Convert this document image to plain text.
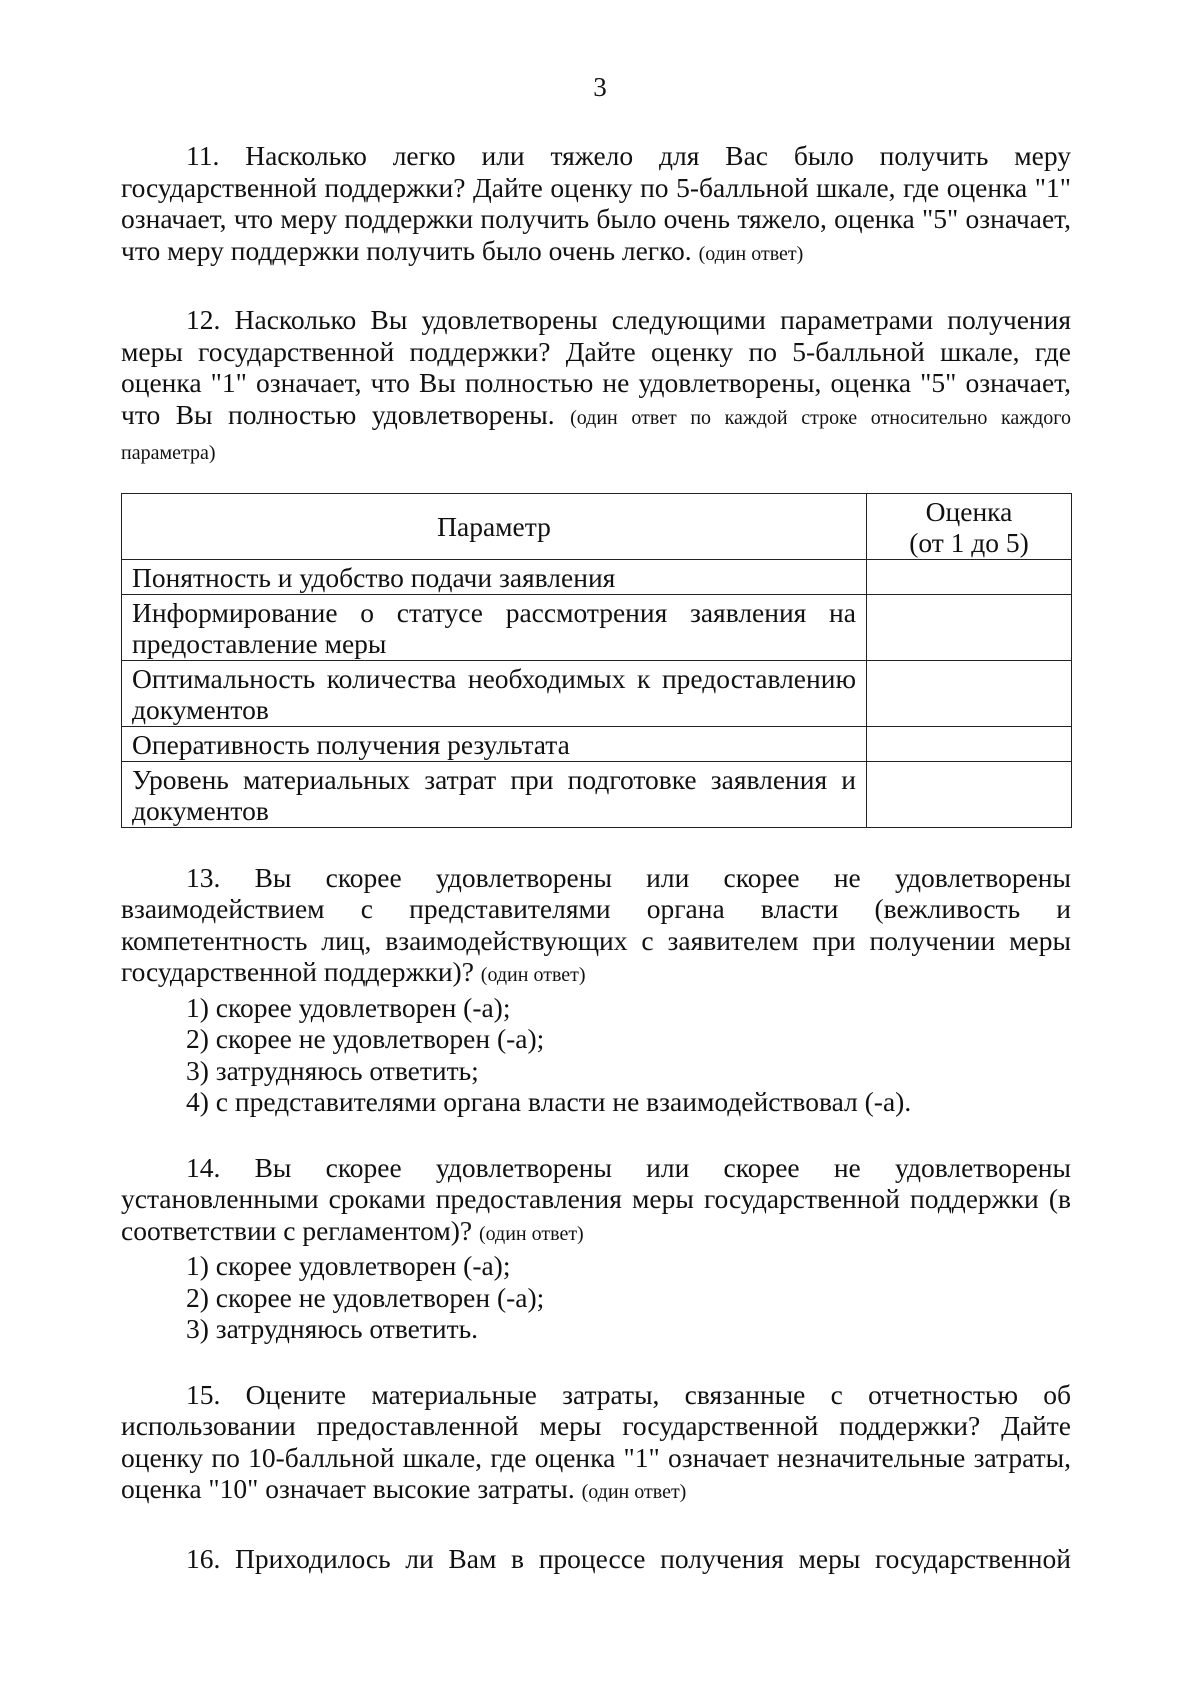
3

11. Насколько легко или тяжело для Вас было получить меру государственной поддержки? Дайте оценку по 5-балльной шкале, где оценка "1" означает, что меру поддержки получить было очень тяжело, оценка "5" означает, что меру поддержки получить было очень легко. (один ответ)

12. Насколько Вы удовлетворены следующими параметрами получения меры государственной поддержки? Дайте оценку по 5-балльной шкале, где оценка "1" означает, что Вы полностью не удовлетворены, оценка "5" означает, что Вы полностью удовлетворены. (один ответ по каждой строке относительно каждого параметра)

Параметр	Оценка
(от 1 до 5)

Понятность и удобство подачи заявления	
Информирование о статусе рассмотрения заявления на предоставление меры	
Оптимальность количества необходимых к предоставлению документов	
Оперативность получения результата	
Уровень материальных затрат при подготовке заявления и документов	

13. Вы скорее удовлетворены или скорее не удовлетворены взаимодействием с представителями органа власти (вежливость и компетентность лиц, взаимодействующих с заявителем при получении меры государственной поддержки)? (один ответ)

1) скорее удовлетворен (-а);
2) скорее не удовлетворен (-а);
3) затрудняюсь ответить;
4) с представителями органа власти не взаимодействовал (-а).

14. Вы скорее удовлетворены или скорее не удовлетворены установленными сроками предоставления меры государственной поддержки (в соответствии с регламентом)? (один ответ)

1) скорее удовлетворен (-а);
2) скорее не удовлетворен (-а);
3) затрудняюсь ответить.

15. Оцените материальные затраты, связанные с отчетностью об использовании предоставленной меры государственной поддержки? Дайте оценку по 10-балльной шкале, где оценка "1" означает незначительные затраты, оценка "10" означает высокие затраты. (один ответ)

16. Приходилось ли Вам в процессе получения меры государственной
